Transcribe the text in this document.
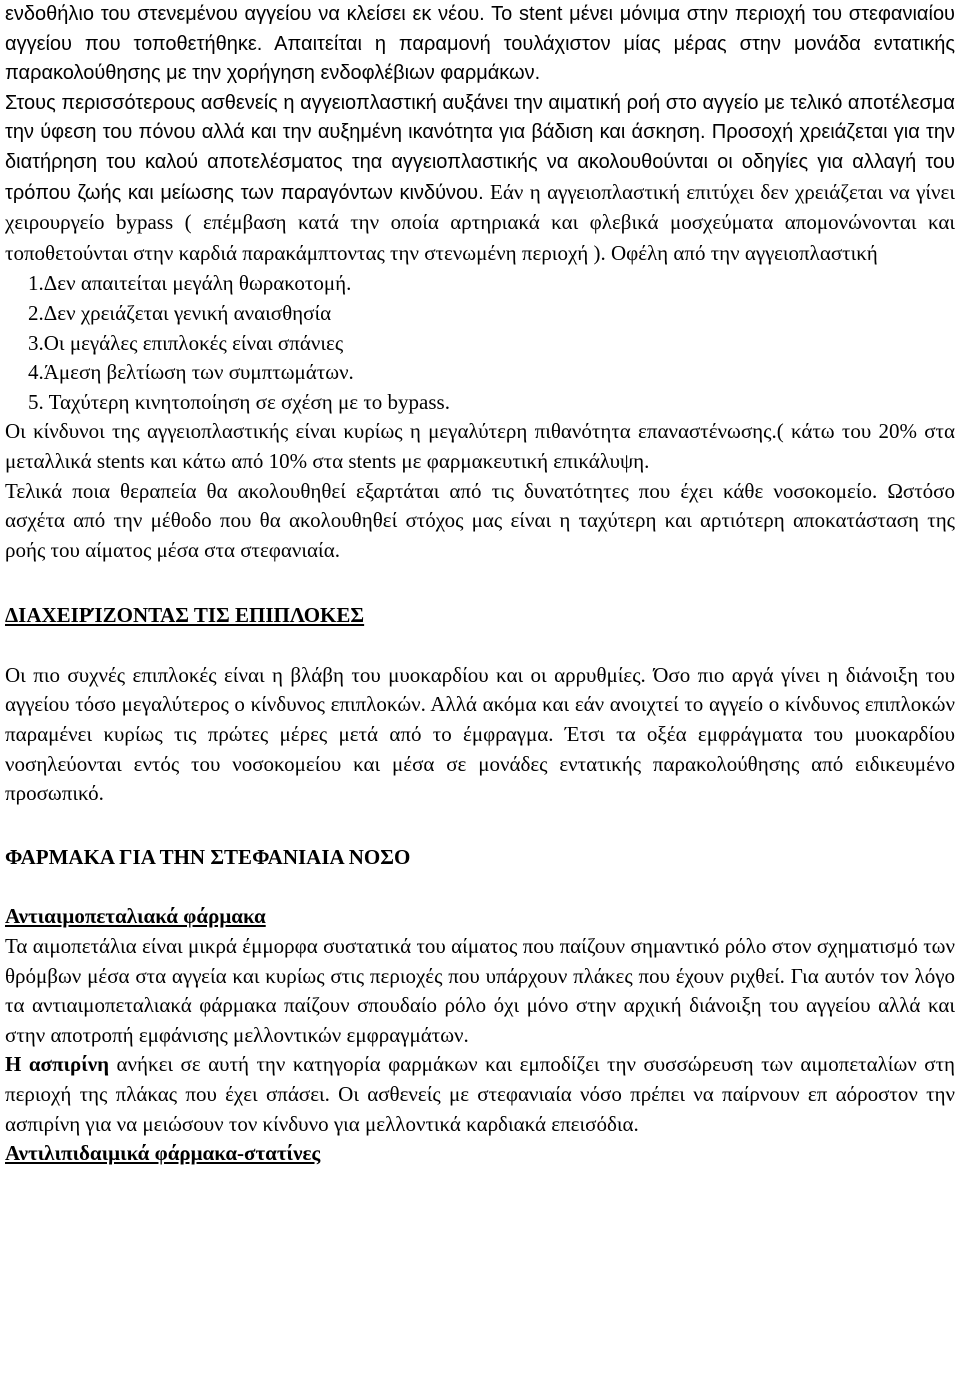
ενδοθήλιο του στενεμένου αγγείου να κλείσει εκ νέου. Το stent μένει μόνιμα στην περιοχή του στεφανιαίου αγγείου που τοποθετήθηκε. Απαιτείται η παραμονή τουλάχιστον μίας μέρας στην μονάδα εντατικής παρακολούθησης με την χορήγηση ενδοφλέβιων φαρμάκων.

Στους περισσότερους ασθενείς η αγγειοπλαστική αυξάνει την αιματική ροή στο αγγείο με τελικό αποτέλεσμα την ύφεση του πόνου αλλά και την αυξημένη ικανότητα για βάδιση και άσκηση. Προσοχή χρειάζεται για την διατήρηση του καλού αποτελέσματος τηα αγγειοπλαστικής να ακολουθούνται οι οδηγίες για αλλαγή του τρόπου ζωής και μείωσης των παραγόντων κινδύνου. Εάν η αγγειοπλαστική επιτύχει δεν χρειάζεται να γίνει χειρουργείο bypass ( επέμβαση κατά την οποία αρτηριακά και φλεβικά μοσχεύματα απομονώνονται και τοποθετούνται στην καρδιά παρακάμπτοντας την στενωμένη περιοχή ). Οφέλη από την αγγειοπλαστική

1.Δεν απαιτείται μεγάλη θωρακοτομή.
2.Δεν χρειάζεται γενική αναισθησία
3.Οι μεγάλες επιπλοκές είναι σπάνιες
4.Άμεση βελτίωση των συμπτωμάτων.
5. Ταχύτερη κινητοποίηση σε σχέση με το bypass.

Οι κίνδυνοι της αγγειοπλαστικής είναι κυρίως η μεγαλύτερη πιθανότητα επαναστένωσης.( κάτω του 20% στα μεταλλικά stents και κάτω από 10% στα stents με φαρμακευτική επικάλυψη.

Τελικά ποια θεραπεία θα ακολουθηθεί εξαρτάται από τις δυνατότητες που έχει κάθε νοσοκομείο. Ωστόσο ασχέτα από την μέθοδο που θα ακολουθηθεί στόχος μας είναι η ταχύτερη και αρτιότερη αποκατάσταση της ροής του αίματος μέσα στα στεφανιαία.

ΔΙΑΧΕΙΡΊΖΟΝΤΑΣ ΤΙΣ ΕΠΙΠΛΟΚΕΣ

Οι πιο συχνές επιπλοκές είναι η βλάβη του μυοκαρδίου και οι αρρυθμίες. Όσο πιο αργά γίνει η διάνοιξη του αγγείου τόσο μεγαλύτερος ο κίνδυνος επιπλοκών. Αλλά ακόμα και εάν ανοιχτεί το αγγείο ο κίνδυνος επιπλοκών παραμένει κυρίως τις πρώτες μέρες μετά από το έμφραγμα. Έτσι τα οξέα εμφράγματα του μυοκαρδίου νοσηλεύονται εντός του νοσοκομείου και μέσα σε μονάδες εντατικής παρακολούθησης από ειδικευμένο προσωπικό.

ΦΑΡΜΑΚΑ ΓΙΑ ΤΗΝ ΣΤΕΦΑΝΙΑΙΑ ΝΟΣΟ
Αντιαιμοπεταλιακά φάρμακα

Τα αιμοπετάλια είναι μικρά έμμορφα συστατικά του αίματος που παίζουν σημαντικό ρόλο στον σχηματισμό των θρόμβων μέσα στα αγγεία και κυρίως στις περιοχές που υπάρχουν πλάκες που έχουν ριχθεί. Για αυτόν τον λόγο τα αντιαιμοπεταλιακά φάρμακα παίζουν σπουδαίο ρόλο όχι μόνο στην αρχική διάνοιξη του αγγείου αλλά και στην αποτροπή εμφάνισης μελλοντικών εμφραγμάτων.

Η ασπιρίνη ανήκει σε αυτή την κατηγορία φαρμάκων και εμποδίζει την συσσώρευση των αιμοπεταλίων στη περιοχή της πλάκας που έχει σπάσει. Οι ασθενείς με στεφανιαία νόσο πρέπει να παίρνουν επ αόροστον την ασπιρίνη για να μειώσουν τον κίνδυνο για μελλοντικά καρδιακά επεισόδια.

Αντιλιπιδαιμικά φάρμακα-στατίνες
